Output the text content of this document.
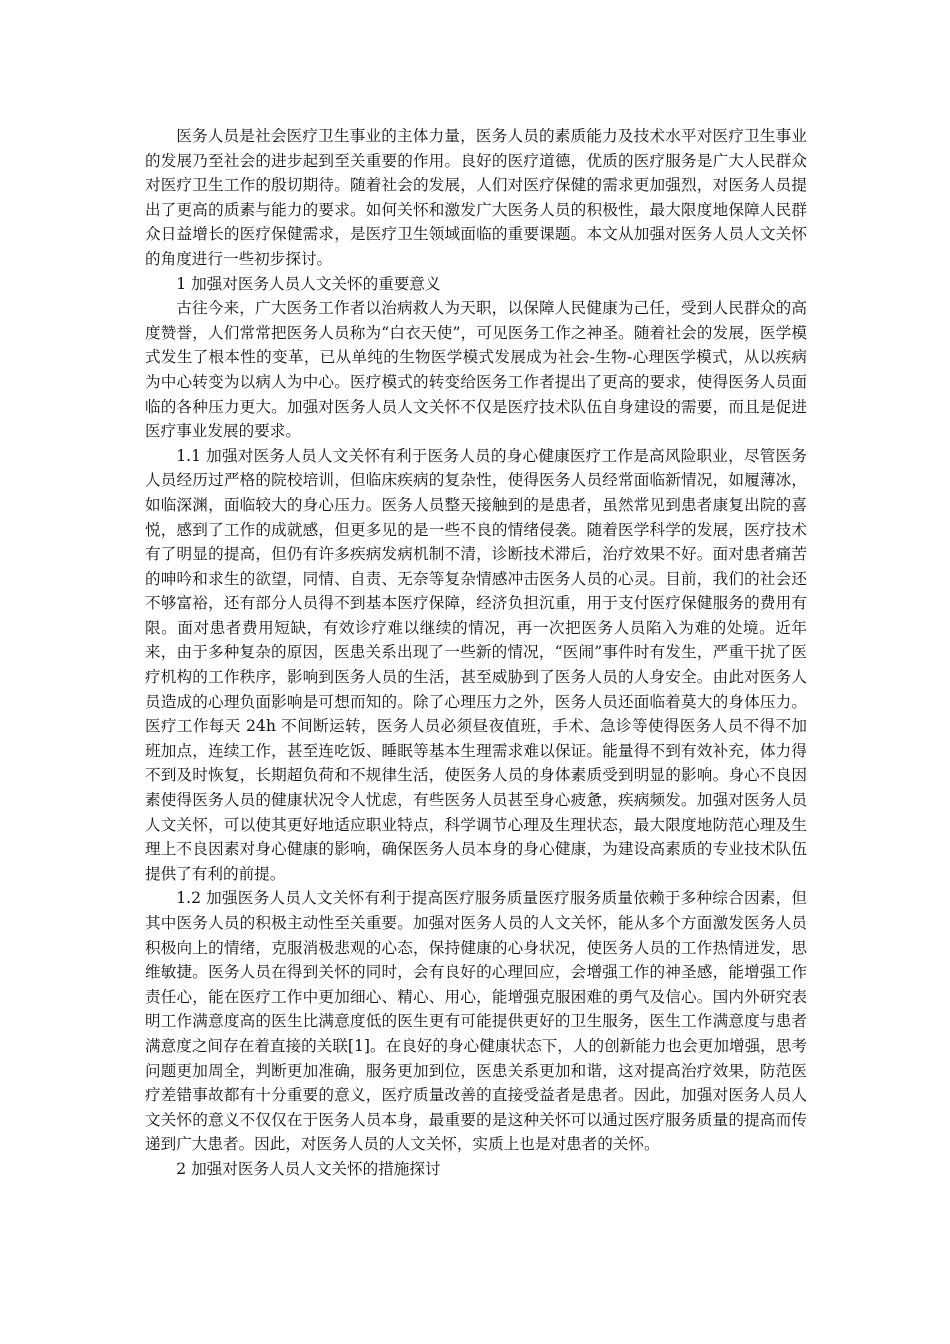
医务人员是社会医疗卫生事业的主体力量，医务人员的素质能力及技术水平对医疗卫生事业的发展乃至社会的进步起到至关重要的作用。良好的医疗道德，优质的医疗服务是广大人民群众对医疗卫生工作的殷切期待。随着社会的发展，人们对医疗保健的需求更加强烈，对医务人员提出了更高的质素与能力的要求。如何关怀和激发广大医务人员的积极性，最大限度地保障人民群众日益增长的医疗保健需求，是医疗卫生领域面临的重要课题。本文从加强对医务人员人文关怀的角度进行一些初步探讨。

1 加强对医务人员人文关怀的重要意义

古往今来，广大医务工作者以治病救人为天职，以保障人民健康为己任，受到人民群众的高度赞誉，人们常常把医务人员称为“白衣天使”，可见医务工作之神圣。随着社会的发展，医学模式发生了根本性的变革，已从单纯的生物医学模式发展成为社会-生物-心理医学模式，从以疾病为中心转变为以病人为中心。医疗模式的转变给医务工作者提出了更高的要求，使得医务人员面临的各种压力更大。加强对医务人员人文关怀不仅是医疗技术队伍自身建设的需要，而且是促进医疗事业发展的要求。

1.1 加强对医务人员人文关怀有利于医务人员的身心健康医疗工作是高风险职业，尽管医务人员经历过严格的院校培训，但临床疾病的复杂性，使得医务人员经常面临新情况，如履薄冰，如临深渊，面临较大的身心压力。医务人员整天接触到的是患者，虽然常见到患者康复出院的喜悦，感到了工作的成就感，但更多见的是一些不良的情绪侵袭。随着医学科学的发展，医疗技术有了明显的提高，但仍有许多疾病发病机制不清，诊断技术滞后，治疗效果不好。面对患者痛苦的呻吟和求生的欲望，同情、自责、无奈等复杂情感冲击医务人员的心灵。目前，我们的社会还不够富裕，还有部分人员得不到基本医疗保障，经济负担沉重，用于支付医疗保健服务的费用有限。面对患者费用短缺，有效诊疗难以继续的情况，再一次把医务人员陷入为难的处境。近年来，由于多种复杂的原因，医患关系出现了一些新的情况，“医闹”事件时有发生，严重干扰了医疗机构的工作秩序，影响到医务人员的生活，甚至威胁到了医务人员的人身安全。由此对医务人员造成的心理负面影响是可想而知的。除了心理压力之外，医务人员还面临着莫大的身体压力。医疗工作每天 24h 不间断运转，医务人员必须昼夜值班，手术、急诊等使得医务人员不得不加班加点，连续工作，甚至连吃饭、睡眠等基本生理需求难以保证。能量得不到有效补充，体力得不到及时恢复，长期超负荷和不规律生活，使医务人员的身体素质受到明显的影响。身心不良因素使得医务人员的健康状况令人忧虑，有些医务人员甚至身心疲惫，疾病频发。加强对医务人员人文关怀，可以使其更好地适应职业特点，科学调节心理及生理状态，最大限度地防范心理及生理上不良因素对身心健康的影响，确保医务人员本身的身心健康，为建设高素质的专业技术队伍提供了有利的前提。

1.2 加强医务人员人文关怀有利于提高医疗服务质量医疗服务质量依赖于多种综合因素，但其中医务人员的积极主动性至关重要。加强对医务人员的人文关怀，能从多个方面激发医务人员积极向上的情绪，克服消极悲观的心态，保持健康的心身状况，使医务人员的工作热情迸发，思维敏捷。医务人员在得到关怀的同时，会有良好的心理回应，会增强工作的神圣感，能增强工作责任心，能在医疗工作中更加细心、精心、用心，能增强克服困难的勇气及信心。国内外研究表明工作满意度高的医生比满意度低的医生更有可能提供更好的卫生服务，医生工作满意度与患者满意度之间存在着直接的关联[1]。在良好的身心健康状态下，人的创新能力也会更加增强，思考问题更加周全，判断更加准确，服务更加到位，医患关系更加和谐，这对提高治疗效果，防范医疗差错事故都有十分重要的意义，医疗质量改善的直接受益者是患者。因此，加强对医务人员人文关怀的意义不仅仅在于医务人员本身，最重要的是这种关怀可以通过医疗服务质量的提高而传递到广大患者。因此，对医务人员的人文关怀，实质上也是对患者的关怀。

2 加强对医务人员人文关怀的措施探讨
